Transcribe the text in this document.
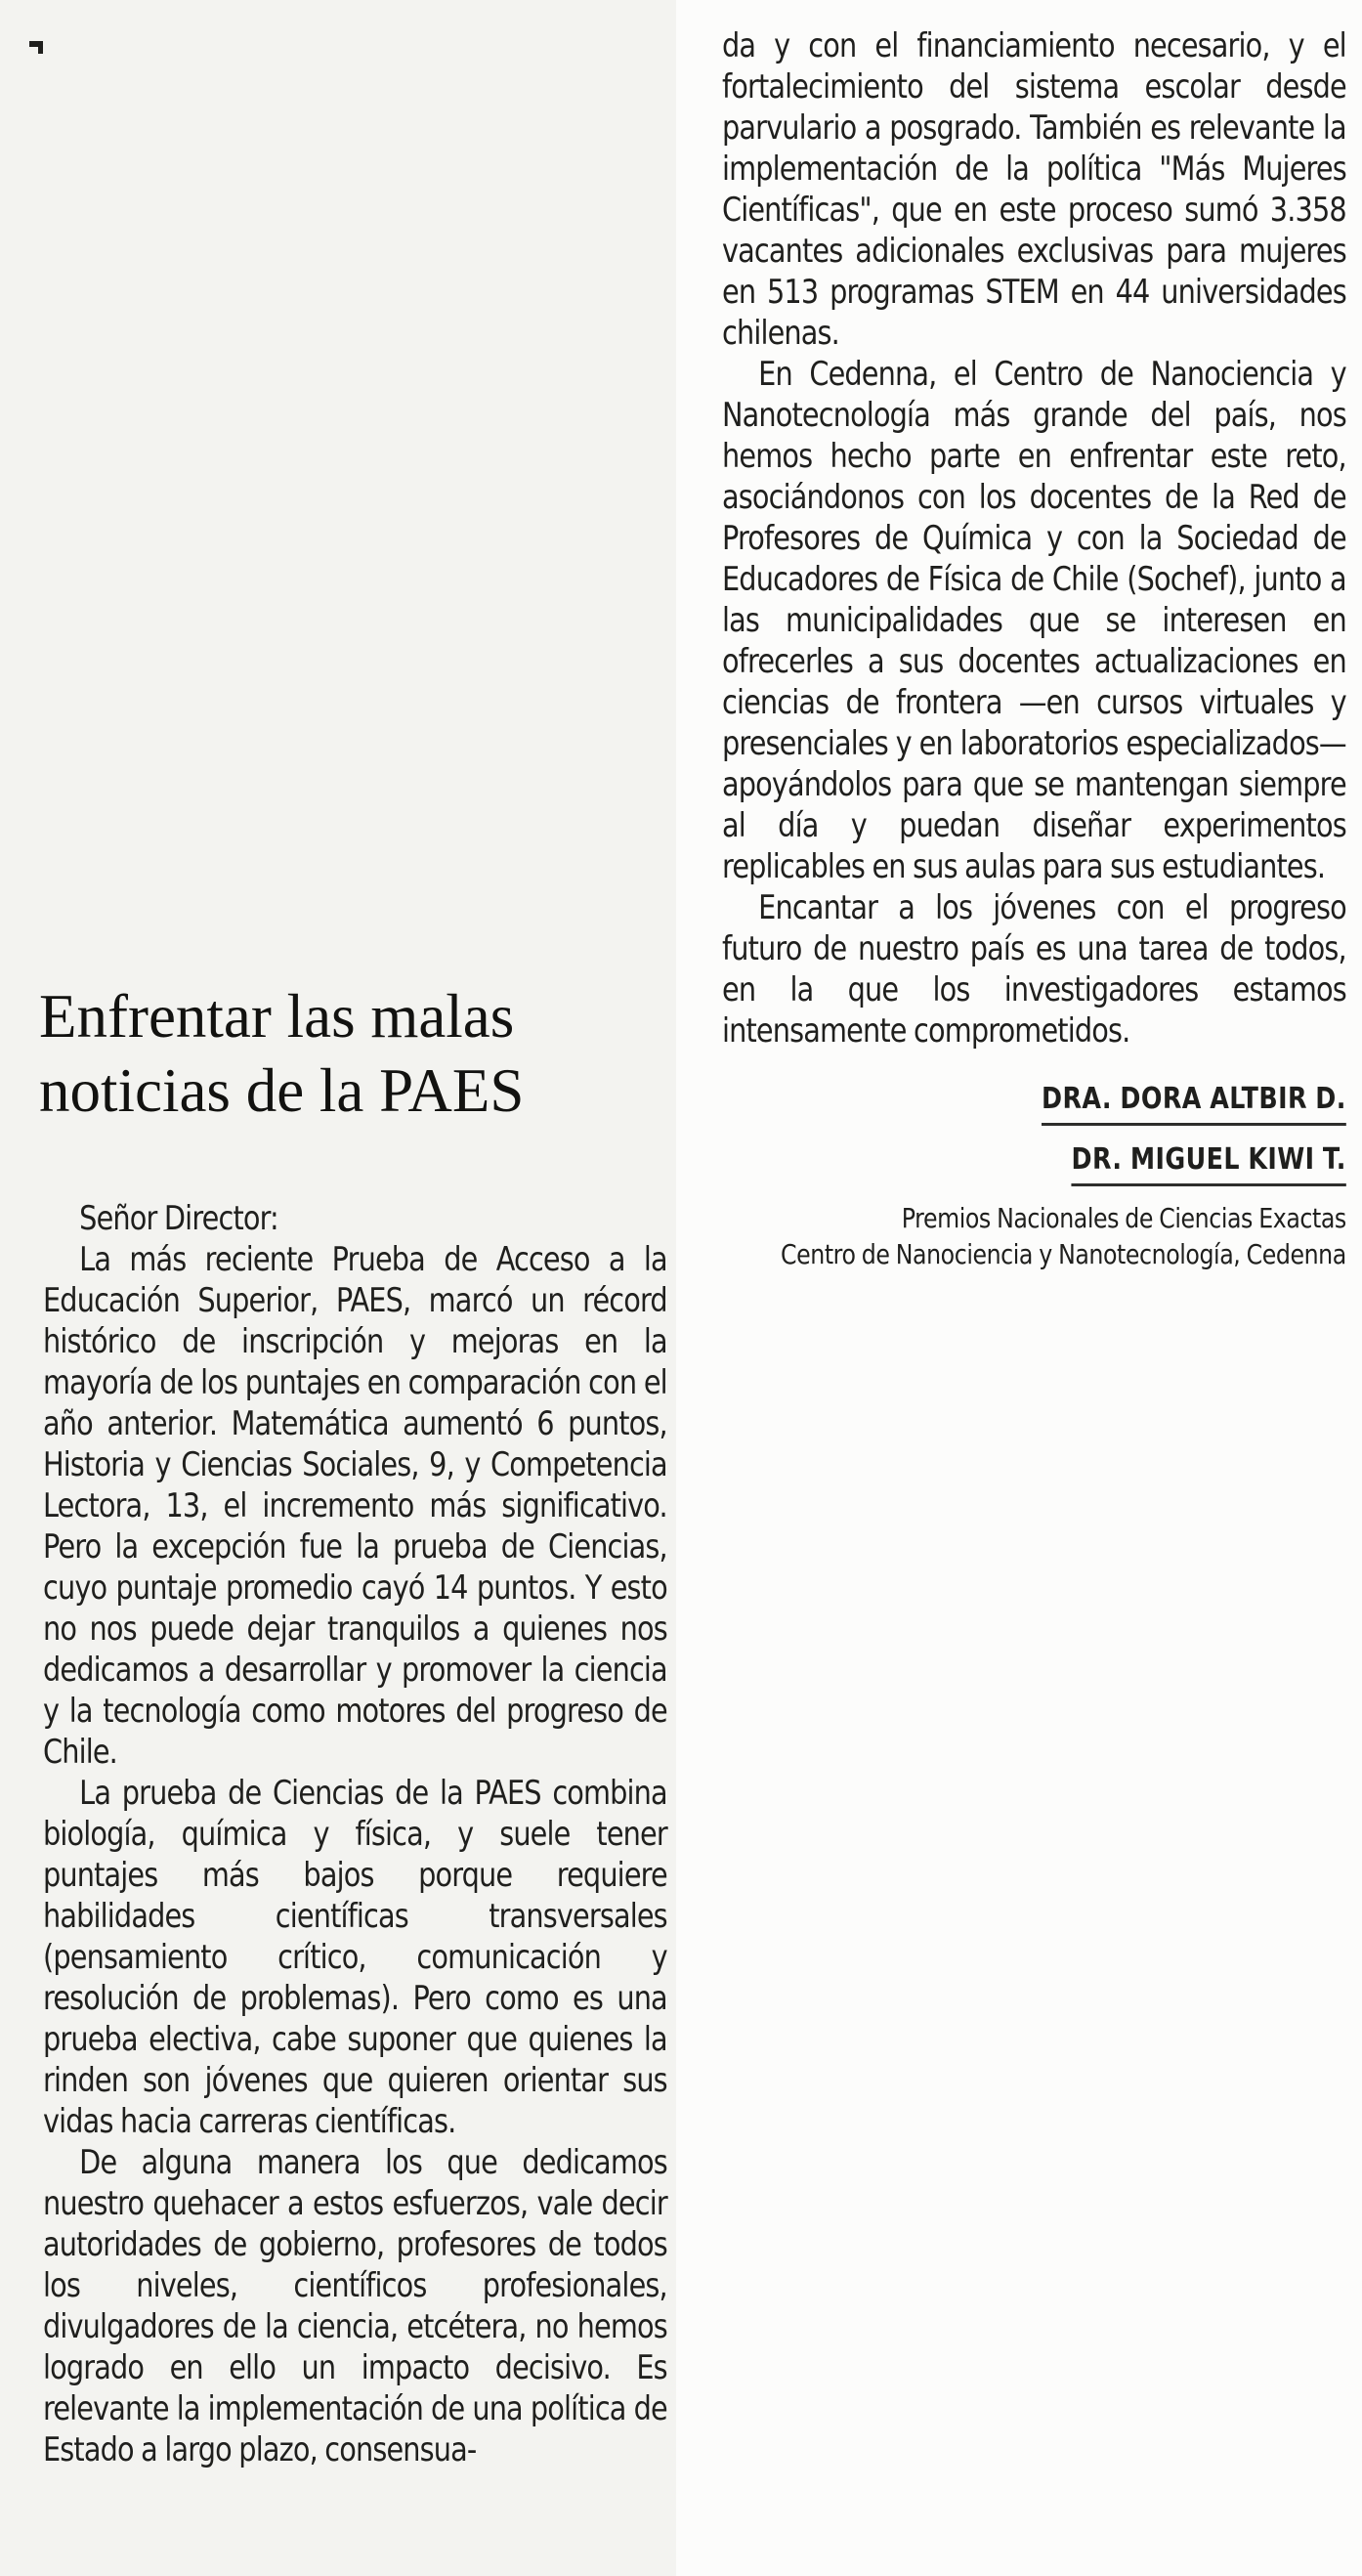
Enfrentar las malas noticias de la PAES

Señor Director:

La más reciente Prueba de Acceso a la Educación Superior, PAES, marcó un récord histórico de inscripción y mejoras en la mayoría de los puntajes en comparación con el año anterior. Matemática aumentó 6 puntos, Historia y Ciencias Sociales, 9, y Competencia Lectora, 13, el incremento más significativo. Pero la excepción fue la prueba de Ciencias, cuyo puntaje promedio cayó 14 puntos. Y esto no nos puede dejar tranquilos a quienes nos dedicamos a desarrollar y promover la ciencia y la tecnología como motores del progreso de Chile.

La prueba de Ciencias de la PAES combina biología, química y física, y suele tener puntajes más bajos porque requiere habilidades científicas transversales (pensamiento crítico, comunicación y resolución de problemas). Pero como es una prueba electiva, cabe suponer que quienes la rinden son jóvenes que quieren orientar sus vidas hacia carreras científicas.

De alguna manera los que dedicamos nuestro quehacer a estos esfuerzos, vale decir autoridades de gobierno, profesores de todos los niveles, científicos profesionales, divulgadores de la ciencia, etcétera, no hemos logrado en ello un impacto decisivo. Es relevante la implementación de una política de Estado a largo plazo, consensua-

da y con el financiamiento necesario, y el fortalecimiento del sistema escolar desde parvulario a posgrado. También es relevante la implementación de la política "Más Mujeres Científicas", que en este proceso sumó 3.358 vacantes adicionales exclusivas para mujeres en 513 programas STEM en 44 universidades chilenas.

En Cedenna, el Centro de Nanociencia y Nanotecnología más grande del país, nos hemos hecho parte en enfrentar este reto, asociándonos con los docentes de la Red de Profesores de Química y con la Sociedad de Educadores de Física de Chile (Sochef), junto a las municipalidades que se interesen en ofrecerles a sus docentes actualizaciones en ciencias de frontera —en cursos virtuales y presenciales y en laboratorios especializados— apoyándolos para que se mantengan siempre al día y puedan diseñar experimentos replicables en sus aulas para sus estudiantes.

Encantar a los jóvenes con el progreso futuro de nuestro país es una tarea de todos, en la que los investigadores estamos intensamente comprometidos.

DRA. DORA ALTBIR D.
DR. MIGUEL KIWI T.

Premios Nacionales de Ciencias Exactas

Centro de Nanociencia y Nanotecnología, Cedenna
